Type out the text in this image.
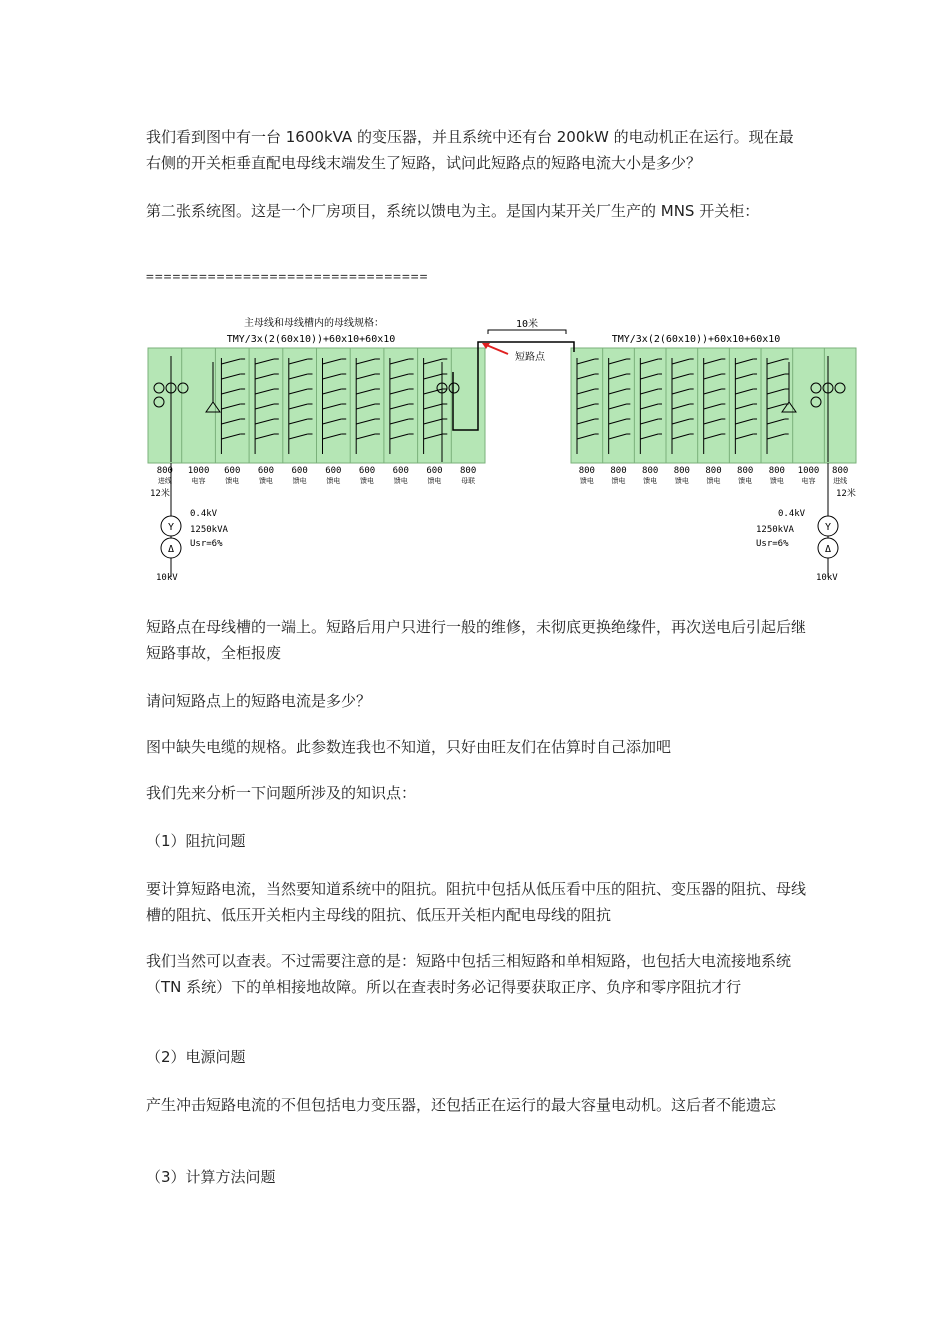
我们看到图中有一台 1600kVA 的变压器，并且系统中还有台 200kW 的电动机正在运行。现在最右侧的开关柜垂直配电母线末端发生了短路，试问此短路点的短路电流大小是多少？

第二张系统图。这是一个厂房项目，系统以馈电为主。是国内某开关厂生产的 MNS 开关柜：

================================
主母线和母线槽内的母线规格：
TMY/3x(2(60x10))+60x10+60x10	TMY/3x(2(60x10))+60x10+60x10
10米
短路点
800
进线
1000
电容
600
馈电
600
馈电
600
馈电
600
馈电
600
馈电
600
馈电
600
馈电
800
母联
800
馈电
800
馈电
800
馈电
800
馈电
800
馈电
800
馈电
800
馈电
1000
电容
800
进线
12米
0.4kV
Y
Δ
1250kVA
Usr=6%
10kV
12米
0.4kV
Y
Δ
1250kVA
Usr=6%
10kV

短路点在母线槽的一端上。短路后用户只进行一般的维修，未彻底更换绝缘件，再次送电后引起后继短路事故，全柜报废

请问短路点上的短路电流是多少？

图中缺失电缆的规格。此参数连我也不知道，只好由旺友们在估算时自己添加吧

我们先来分析一下问题所涉及的知识点：

（1）阻抗问题

要计算短路电流，当然要知道系统中的阻抗。阻抗中包括从低压看中压的阻抗、变压器的阻抗、母线槽的阻抗、低压开关柜内主母线的阻抗、低压开关柜内配电母线的阻抗

我们当然可以查表。不过需要注意的是：短路中包括三相短路和单相短路，也包括大电流接地系统（TN 系统）下的单相接地故障。所以在查表时务必记得要获取正序、负序和零序阻抗才行

（2）电源问题

产生冲击短路电流的不但包括电力变压器，还包括正在运行的最大容量电动机。这后者不能遗忘

（3）计算方法问题
